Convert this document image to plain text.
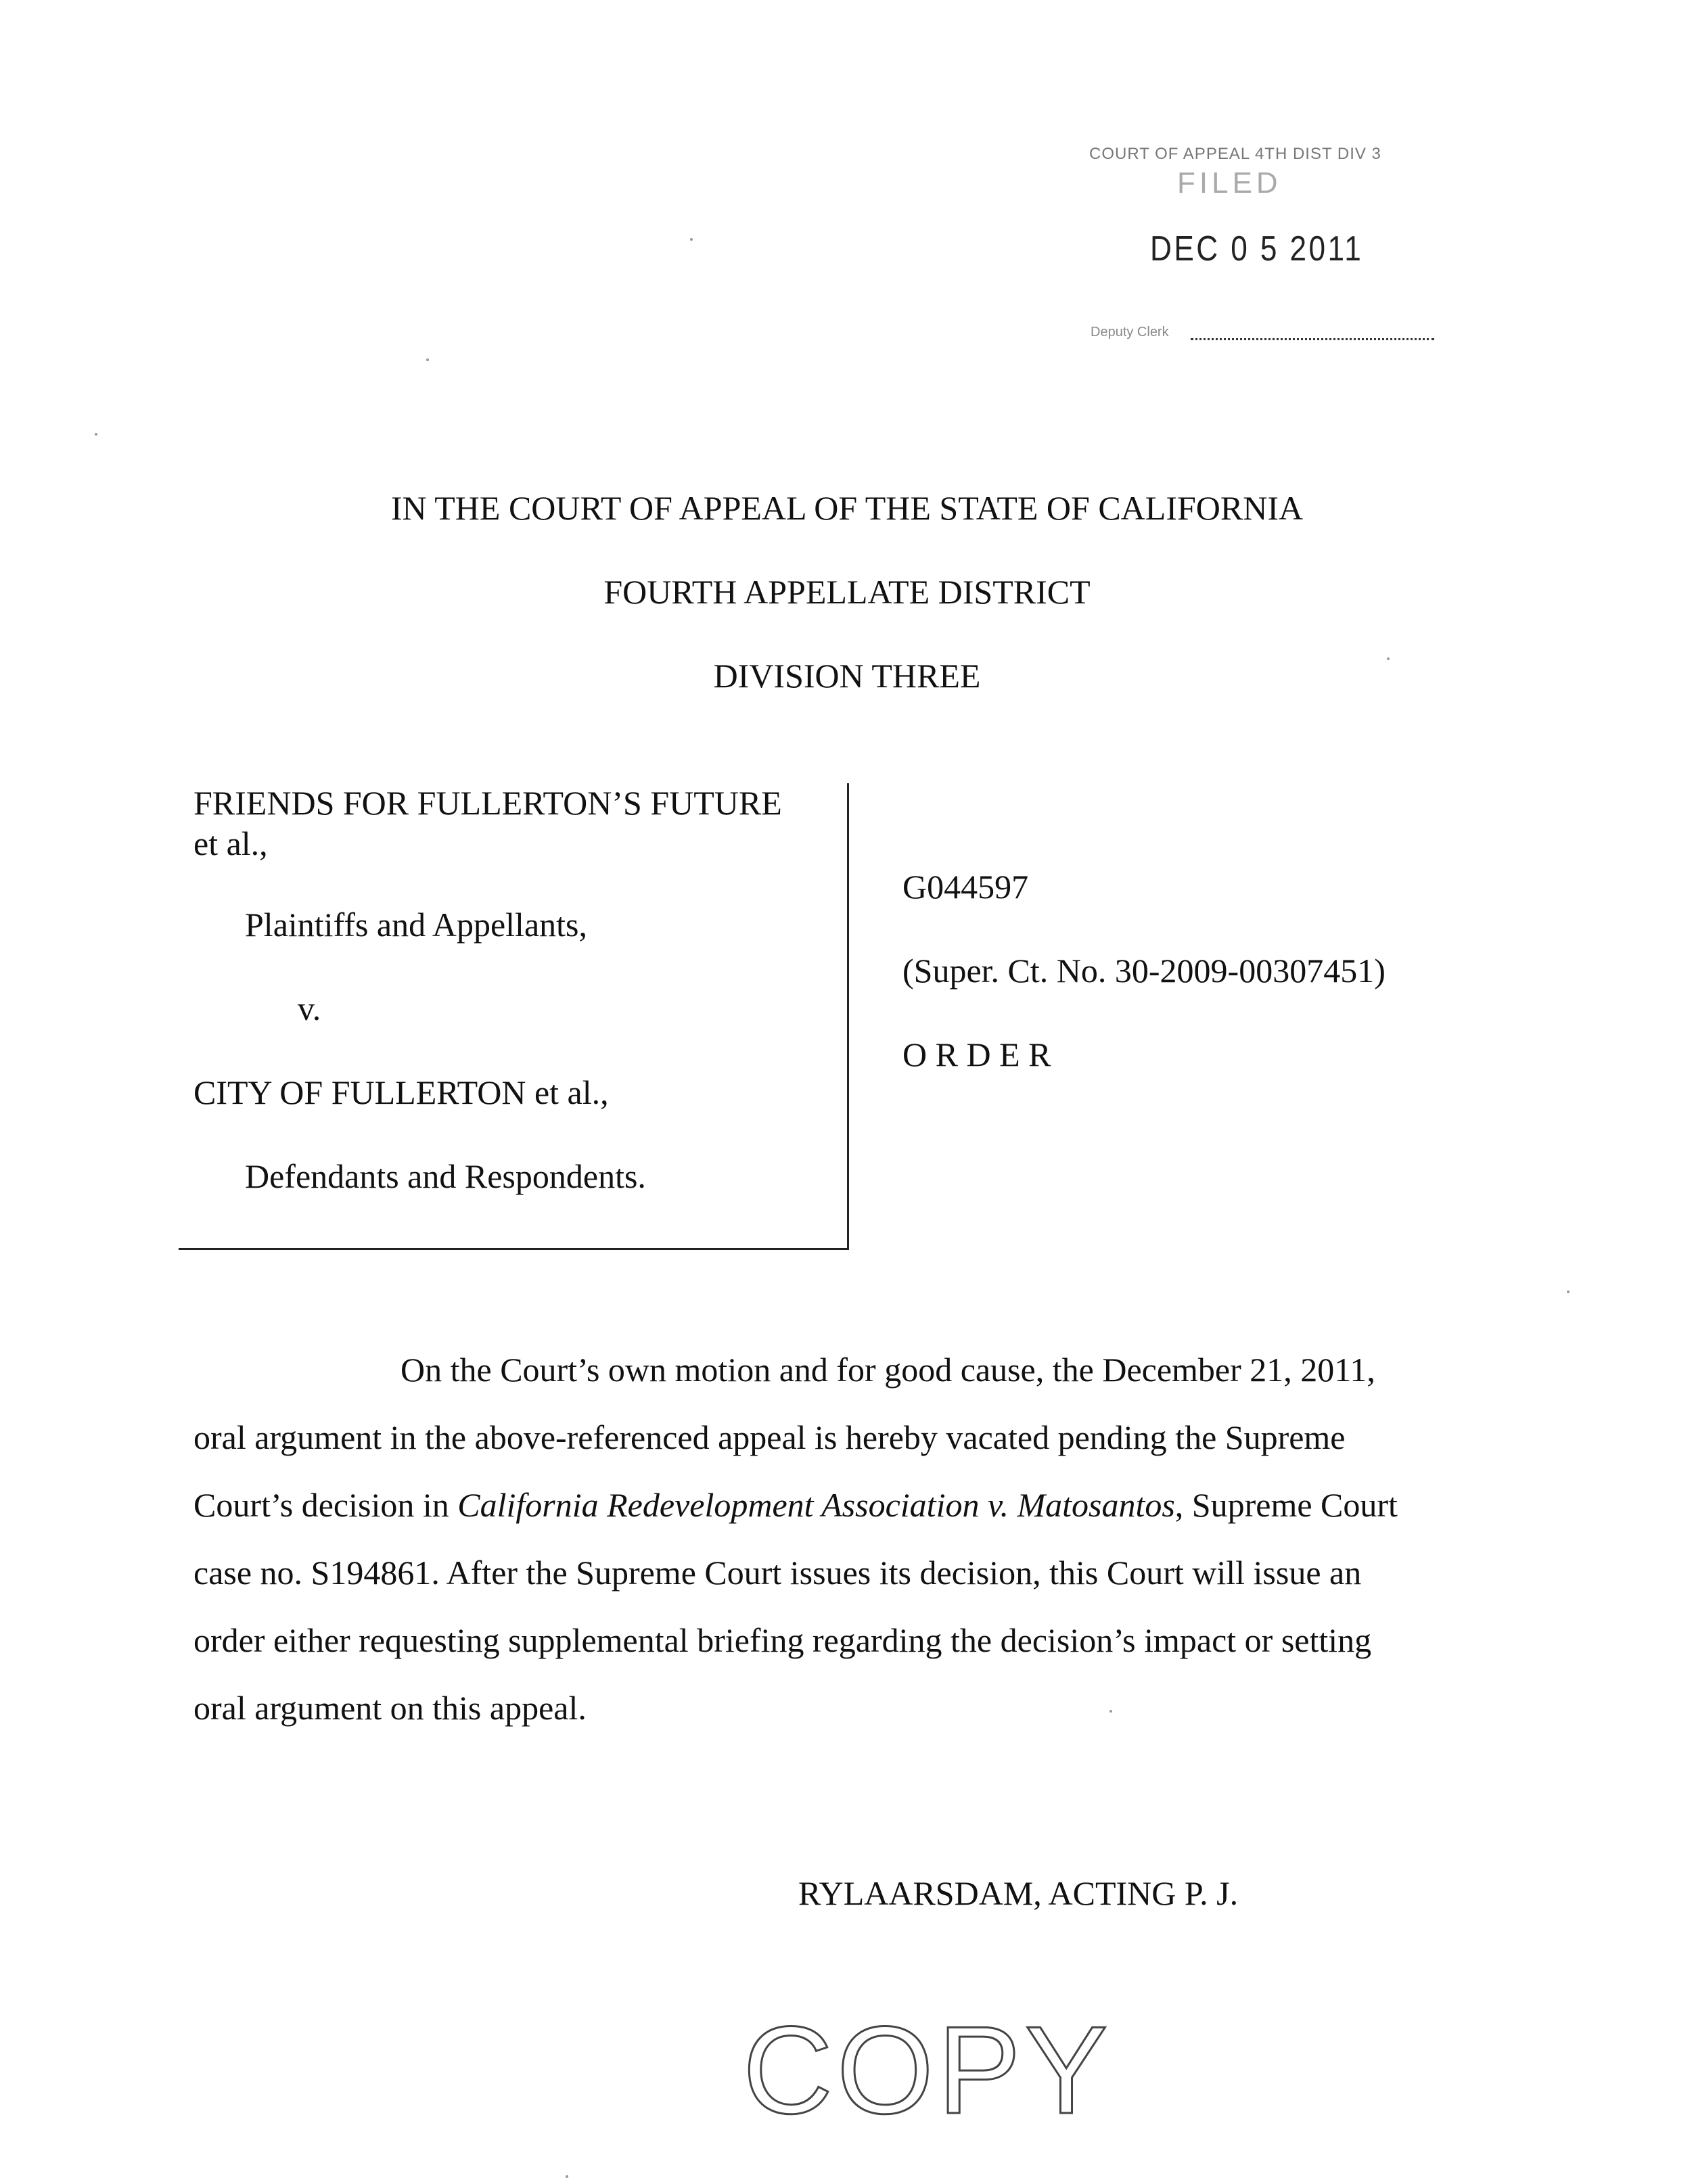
COURT OF APPEAL 4TH DIST DIV 3
FILED
DEC 0 5 2011
Deputy Clerk
IN THE COURT OF APPEAL OF THE STATE OF CALIFORNIA
FOURTH APPELLATE DISTRICT
DIVISION THREE
FRIENDS FOR FULLERTON’S FUTURE
et al.,
Plaintiffs and Appellants,
v.
CITY OF FULLERTON et al.,
Defendants and Respondents.
G044597
(Super. Ct. No. 30-2009-00307451)
O R D E R

On the Court’s own motion and for good cause, the December 21, 2011,
oral argument in the above-referenced appeal is hereby vacated pending the Supreme
Court’s decision in California Redevelopment Association v. Matosantos, Supreme Court
case no. S194861. After the Supreme Court issues its decision, this Court will issue an
order either requesting supplemental briefing regarding the decision’s impact or setting
oral argument on this appeal.

RYLAARSDAM, ACTING P. J.
COPY
